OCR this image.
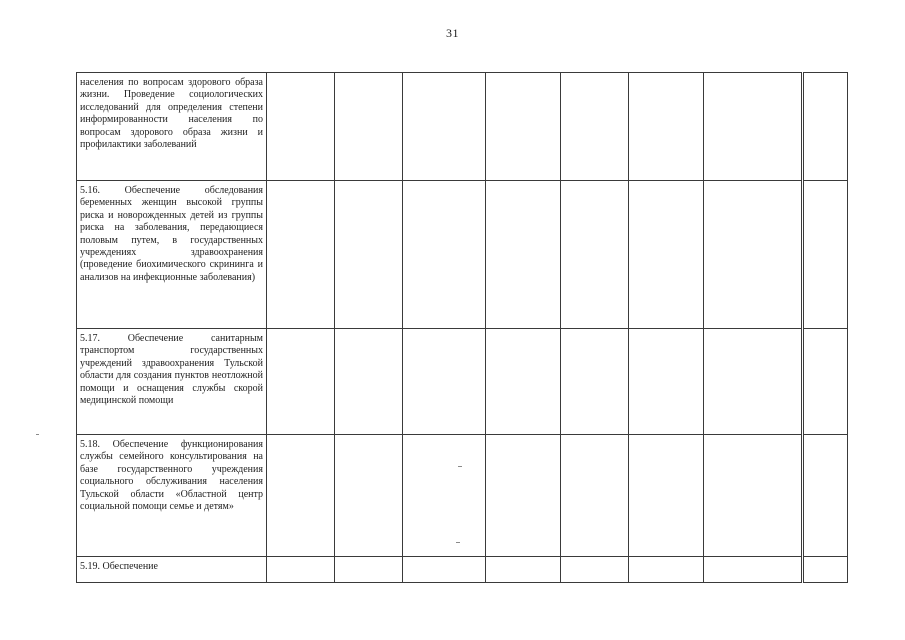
31
населения по вопросам здорового образа жизни. Проведение социологических исследований для определения степени информированности населения по вопросам здорового образа жизни и профилактики заболеваний								
5.16. Обеспечение обследования беременных женщин высокой группы риска и новорожденных детей из группы риска на заболевания, передающиеся половым путем, в государственных учреждениях здравоохранения (проведение биохимического скрининга и анализов на инфекционные заболевания)								
5.17. Обеспечение санитарным транспортом государственных учреждений здравоохранения Тульской области для создания пунктов неотложной помощи и оснащения службы скорой медицинской помощи								
5.18. Обеспечение функционирования службы семейного консультирования на базе государственного учреждения социального обслуживания населения Тульской области «Областной центр социальной помощи семье и детям»								
5.19. Обеспечение								
